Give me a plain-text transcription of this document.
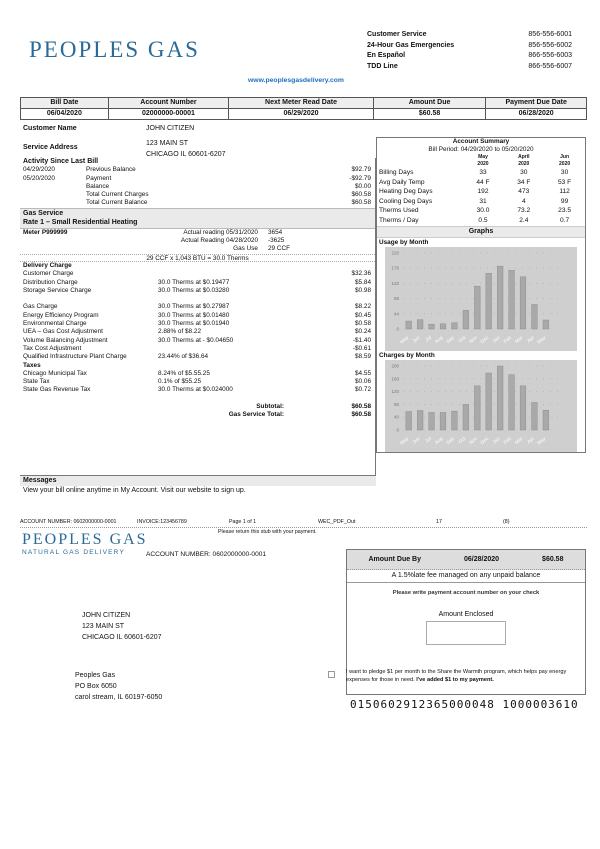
PEOPLES GAS
www.peoplesgasdelivery.com
Customer Service	856-556-6001
24-Hour Gas Emergencies	856-556-6002
En Español	866-556-6003
TDD Line	866-556-6007
Bill Date	Account Number	Next Meter Read Date	Amount Due	Payment Due Date
06/04/2020	02000000-00001	06/29/2020	$60.58	06/28/2020
Customer Name	JOHN CITIZEN
Service Address
123 MAIN ST
CHICAGO IL 60601-6207
Activity Since Last Bill
04/29/2020	Previous Balance	$92.79
05/20/2020	Payment	-$92.79
Balance	$0.00
Total Current Charges	$60.58
Total Current Balance	$60.58
Gas Service
Rate 1 – Small Residential Heating
Meter P999999	Actual reading 05/31/2020	3654
Actual Reading 04/28/2020	-3625
Gas Use	29 CCF
29 CCF x 1,043 BTU = 30.0 Therms
Delivery Charge
Customer Charge	$32.36
Distribution Charge	30.0 Therms at $0.19477	$5.84
Storage Service Charge	30.0 Therms at $0.03280	$0.98
Gas Charge	30.0 Therms at $0.27987	$8.22
Energy Efficiency Program	30.0 Therms at $0.01480	$0.45
Environmental Charge	30.0 Therms at $0.01940	$0.58
UEA – Gas Cost Adjustment	2.88% of $8.22	$0.24
Volume Balancing Adjustment	30.0 Therms at - $0.04650	-$1.40
Tax Cost Adjustment	-$0.61
Qualified Infrastructure Plant Charge	23.44% of $36.64	$8.59
Taxes
Chicago Municipal Tax	8.24% of $5.55.25	$4.55
State Tax	0.1% of $55.25	$0.06
State Gas Revenue Tax	30.0 Therms at $0.024000	$0.72
Subtotal:	$60.58
Gas Service Total:	$60.58
Account Summary
Bill Period: 04/29/2020 to 05/20/2020
May	April	Jun
2020	2020	2020
Billing Days	33	30	30
Avg Daily Temp	44 F	34 F	53 F
Heating Deg Days	192	473	112
Cooling Deg Days	31	4	99
Therms Used	30.0	73.2	23.5
Therms / Day	0.5	2.4	0.7
Graphs
Usage by Month
0
44
88
132
176
220
May Jun Jul Aug Sep Oct Nov Dec Jan Feb Mar Apr May
Charges by Month
0
40
80
120
160
200
May Jun Jul Aug Sep Oct Nov Dec Jan Feb Mar Apr May
Messages
View your bill online anytime in My Account. Visit our website to sign up.
ACCOUNT NUMBER: 0602000000-0001	INVOICE:123456789	Page 1 of 1	WEC_PDF_Out	17	(8)
Please return this stub with your payment.
PEOPLES GAS
NATURAL GAS DELIVERY	ACCOUNT NUMBER: 0602000000-0001
Amount Due By	06/28/2020	$60.58
A 1.5%late fee managed on any unpaid balance
Please write payment account number on your check
Amount Enclosed
JOHN CITIZEN
123 MAIN ST
CHICAGO IL 60601-6207
Peoples Gas
PO Box 6050
carol stream, IL 60197-6050
I want to pledge $1 per month to the Share the Warmth program, which helps pay energy expenses for those in need. I've added $1 to my payment.
0150602912365000048 1000003610
